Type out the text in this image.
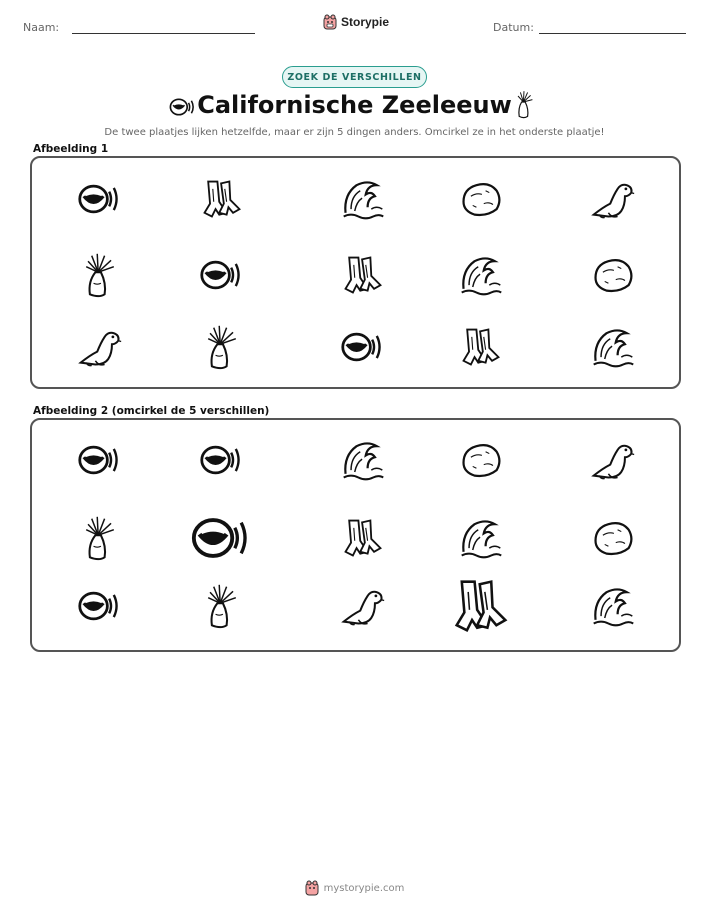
Naam:	Storypie	Datum:
ZOEK DE VERSCHILLEN
Californische Zeeleeuw
De twee plaatjes lijken hetzelfde, maar er zijn 5 dingen anders. Omcirkel ze in het onderste plaatje!
Afbeelding 1
Afbeelding 2 (omcirkel de 5 verschillen)
mystorypie.com
